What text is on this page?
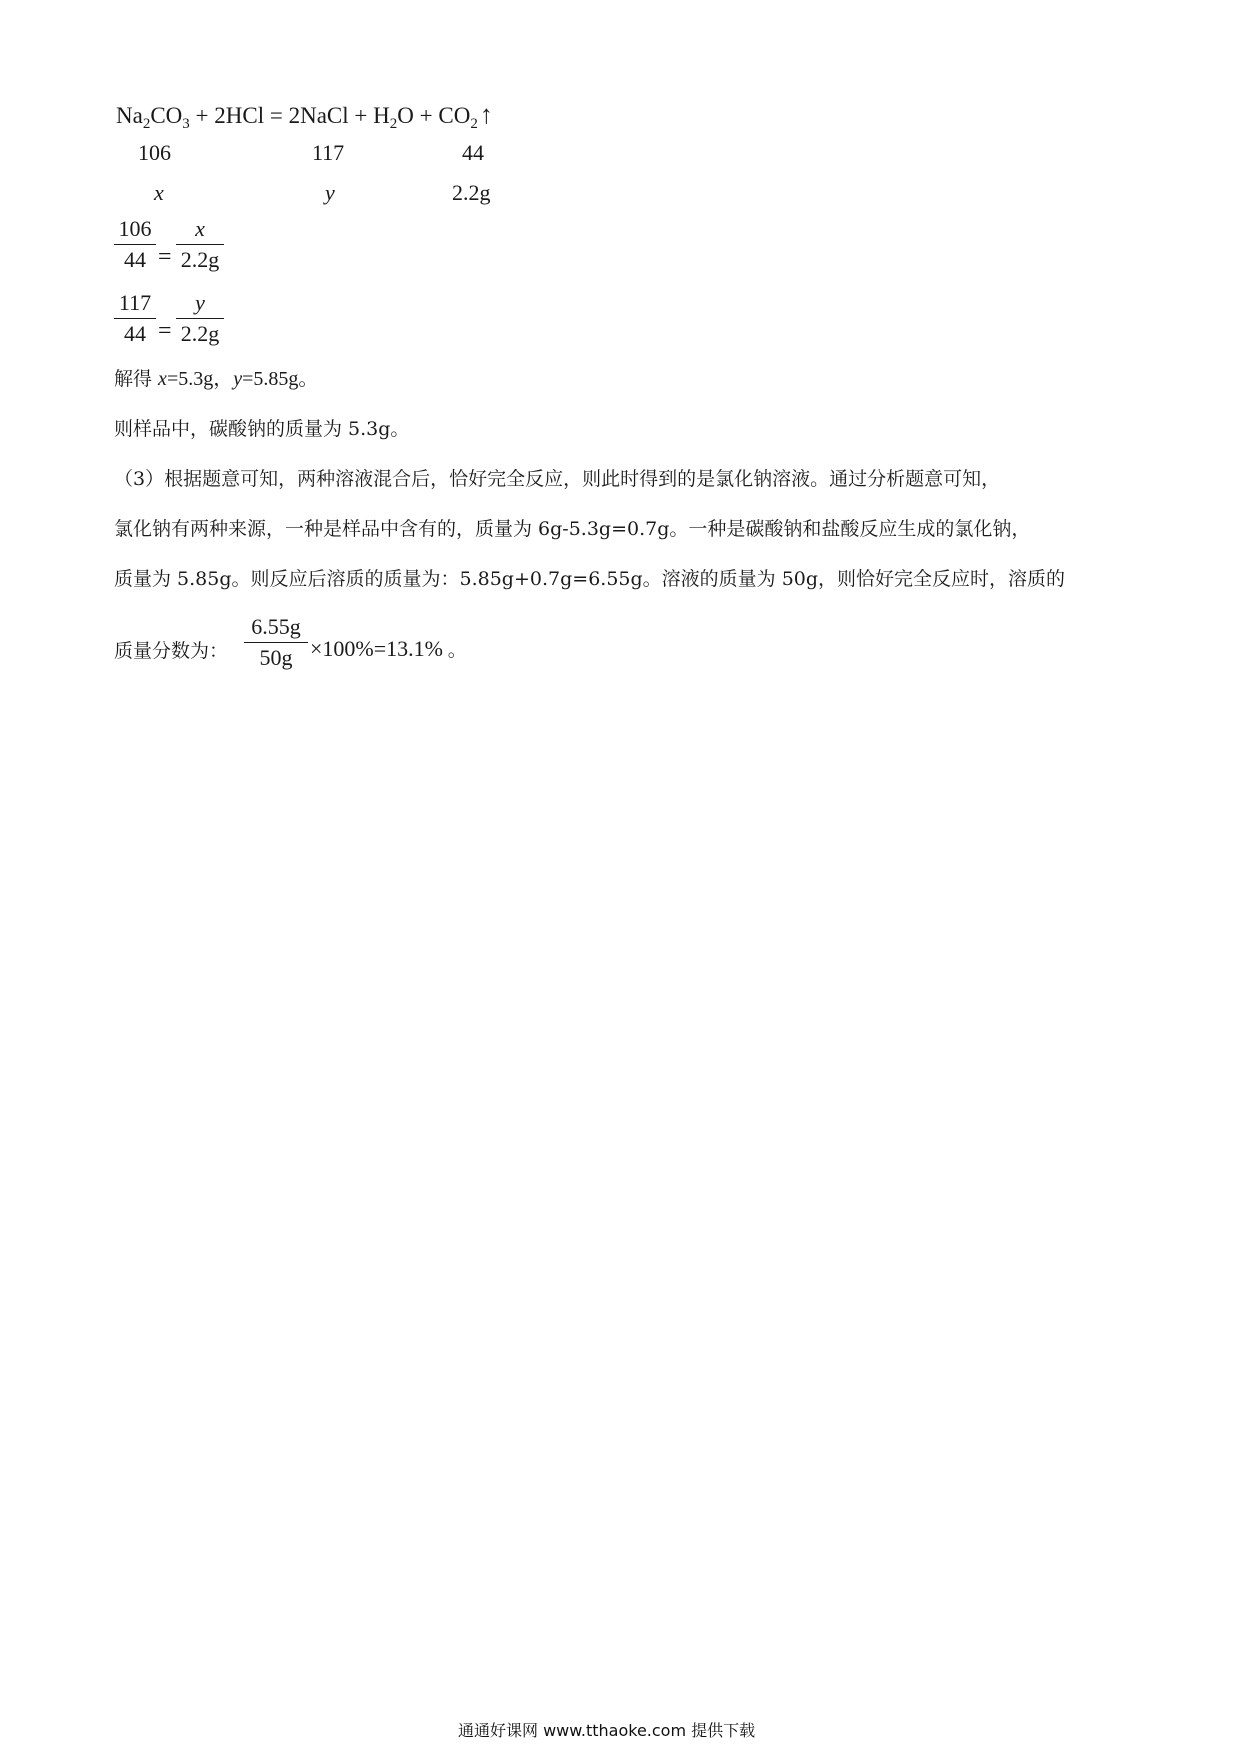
$Na_2CO_3 + 2HCl$ = 2NaCl + $H_2O$ + $CO_2↑$
106	117	44
x	y	2.2g
106
44 =
x
2.2g
117
44 =
y
2.2g
解得 x=5.3g，y=5.85g。
则样品中，碳酸钠的质量为 5.3g。
（3）根据题意可知，两种溶液混合后，恰好完全反应，则此时得到的是氯化钠溶液。通过分析题意可知，
氯化钠有两种来源，一种是样品中含有的，质量为 6g-5.3g=0.7g。一种是碳酸钠和盐酸反应生成的氯化钠，
质量为 5.85g。则反应后溶质的质量为：5.85g+0.7g=6.55g。溶液的质量为 50g，则恰好完全反应时，溶质的
质量分数为：
6.55g
50g ×100%=13.1% 。
通通好课网 www.tthaoke.com 提供下载
